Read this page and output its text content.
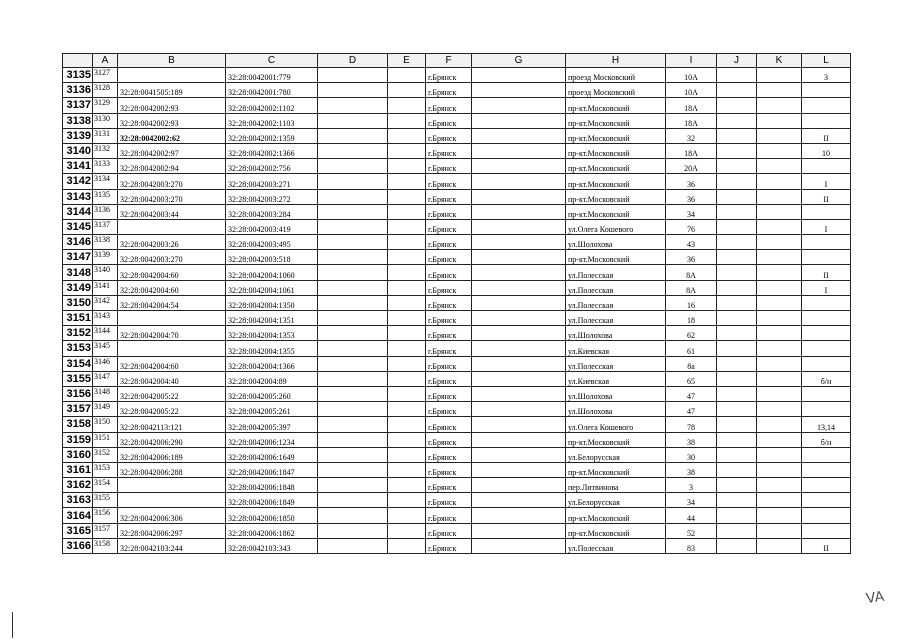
	A	B	C	D	E	F	G	H	I	J	K	L
3135	3127		32:28:0042001:779			г.Брянск		проезд Московский	10А			3
3136	3128	32:28:0041505:189	32:28:0042001:780			г.Брянск		проезд Московский	10А			
3137	3129	32:28:0042002:93	32:28:0042002:1102			г.Брянск		пр-кт.Московский	18А			
3138	3130	32:28:0042002:93	32:28:0042002:1103			г.Брянск		пр-кт.Московский	18А			
3139	3131	32:28:0042002:62	32:28:0042002:1359			г.Брянск		пр-кт.Московский	32			II
3140	3132	32:28:0042002:97	32:28:0042002:1366			г.Брянск		пр-кт.Московский	18А			10
3141	3133	32:28:0042002:94	32:28:0042002:756			г.Брянск		пр-кт.Московский	20А			
3142	3134	32:28:0042003:270	32:28:0042003:271			г.Брянск		пр-кт.Московский	36			I
3143	3135	32:28:0042003:270	32:28:0042003:272			г.Брянск		пр-кт.Московский	36			II
3144	3136	32:28:0042003:44	32:28:0042003:284			г.Брянск		пр-кт.Московский	34			
3145	3137		32:28:0042003:419			г.Брянск		ул.Олега Кошевого	76			I
3146	3138	32:28:0042003:26	32:28:0042003:495			г.Брянск		ул.Шолохова	43			
3147	3139	32:28:0042003:270	32:28:0042003:518			г.Брянск		пр-кт.Московский	36			
3148	3140	32:28:0042004:60	32:28:0042004:1060			г.Брянск		ул.Полесская	8А			II
3149	3141	32:28:0042004:60	32:28:0042004:1061			г.Брянск		ул.Полесская	8А			I
3150	3142	32:28:0042004:54	32:28:0042004:1350			г.Брянск		ул.Полесская	16			
3151	3143		32:28:0042004:1351			г.Брянск		ул.Полесская	18			
3152	3144	32:28:0042004:70	32:28:0042004:1353			г.Брянск		ул.Шолохова	62			
3153	3145		32:28:0042004:1355			г.Брянск		ул.Киевская	61			
3154	3146	32:28:0042004:60	32:28:0042004:1366			г.Брянск		ул.Полесская	8а			
3155	3147	32:28:0042004:40	32:28:0042004:89			г.Брянск		ул.Киевская	65			б/н
3156	3148	32:28:0042005:22	32:28:0042005:260			г.Брянск		ул.Шолохова	47			
3157	3149	32:28:0042005:22	32:28:0042005:261			г.Брянск		ул.Шолохова	47			
3158	3150	32:28:0042113:121	32:28:0042005:397			г.Брянск		ул.Олега Кошевого	78			13,14
3159	3151	32:28:0042006:290	32:28:0042006:1234			г.Брянск		пр-кт.Московский	38			б/н
3160	3152	32:28:0042006:189	32:28:0042006:1649			г.Брянск		ул.Белорусская	30			
3161	3153	32:28:0042006:288	32:28:0042006:1847			г.Брянск		пр-кт.Московский	38			
3162	3154		32:28:0042006:1848			г.Брянск		пер.Литвинова	3			
3163	3155		32:28:0042006:1849			г.Брянск		ул.Белорусская	34			
3164	3156	32:28:0042006:306	32:28:0042006:1850			г.Брянск		пр-кт.Московский	44			
3165	3157	32:28:0042006:297	32:28:0042006:1862			г.Брянск		пр-кт.Московский	52			
3166	3158	32:28:0042103:244	32:28:0042103:343			г.Брянск		ул.Полесская	83			II
VA
